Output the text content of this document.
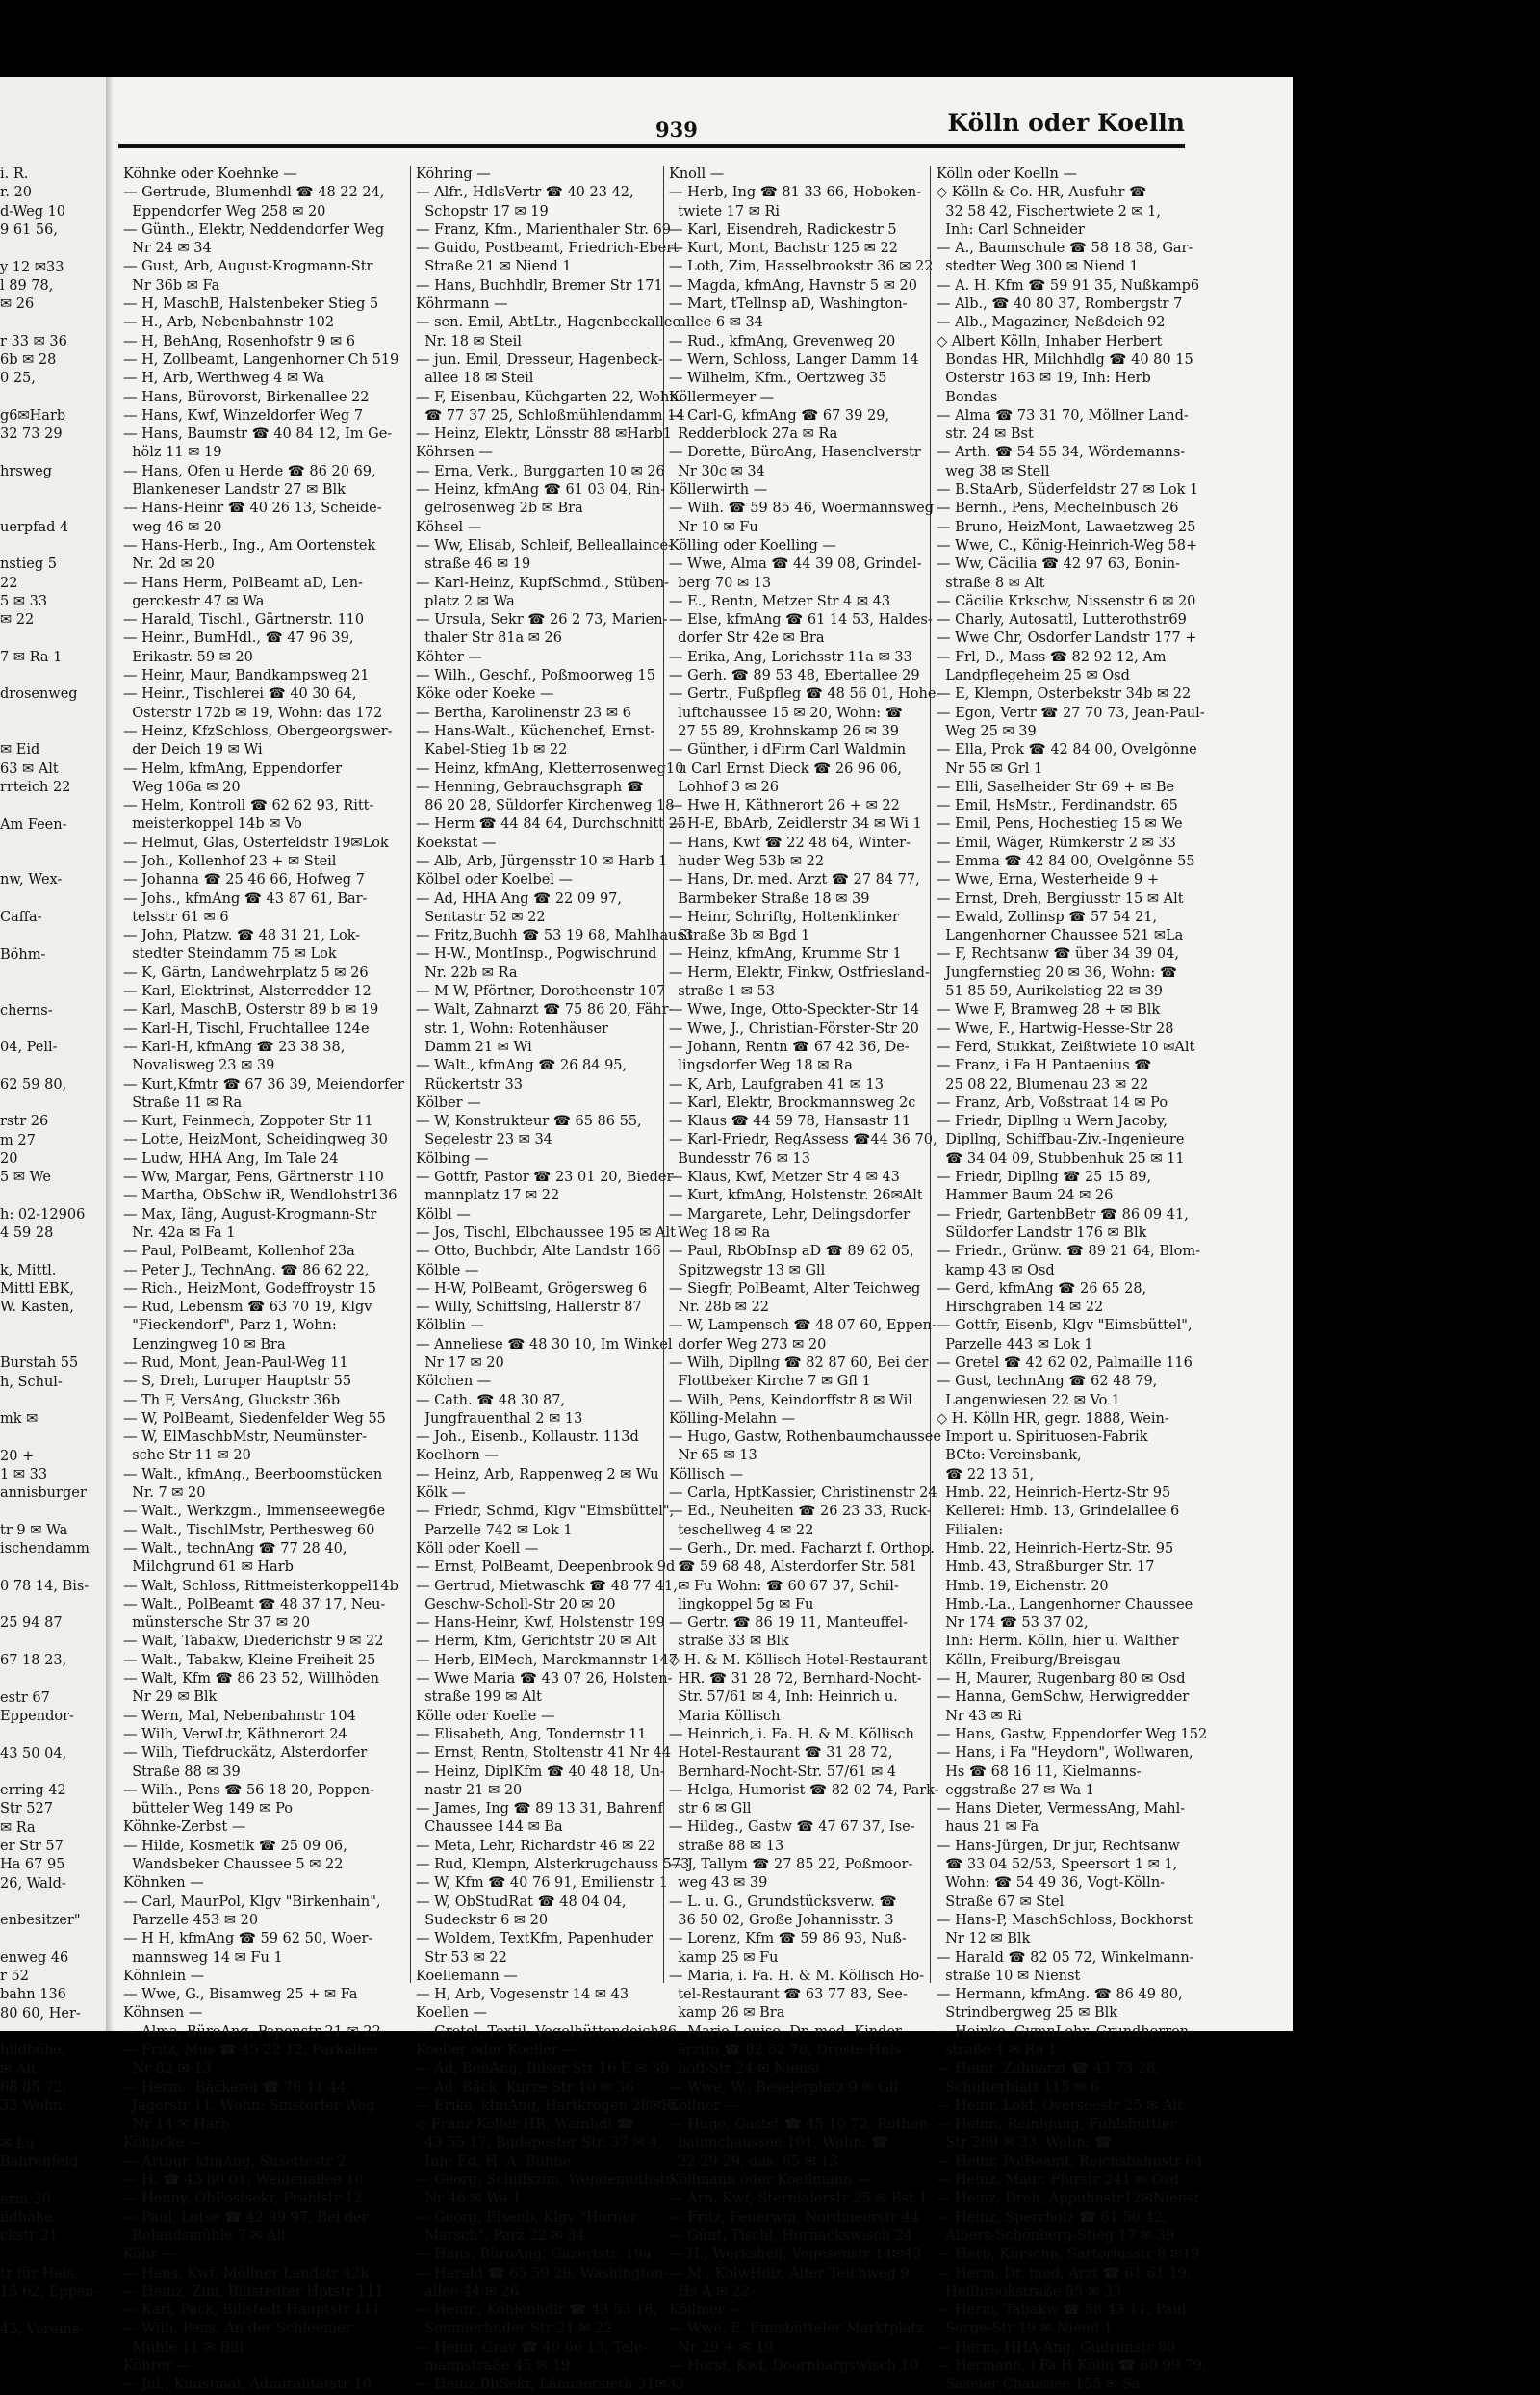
i. R.
r. 20
d-Weg 10
9 61 56,
y 12 ✉33
l 89 78,
✉ 26
r 33 ✉ 36
6b ✉ 28
0 25,
g6✉Harb
32 73 29
hrsweg
uerpfad 4
nstieg 5
22
5 ✉ 33
✉ 22
7 ✉ Ra 1
drosenweg
✉ Eid
63 ✉ Alt
rrteich 22
Am Feen-
nw, Wex-
Caffa-
Böhm-
cherns-
04, Pell-
62 59 80,
rstr 26
m 27
20
5 ✉ We
h: 02-12906
4 59 28
k, Mittl.
Mittl EBK,
W. Kasten,
Burstah 55
h, Schul-
mk ✉
20 +
1 ✉ 33
annisburger
tr 9 ✉ Wa
ischendamm
0 78 14, Bis-
25 94 87
67 18 23,
estr 67
Eppendor-
43 50 04,
erring 42
Str 527
✉ Ra
er Str 57
Ha 67 95
26, Wald-
enbesitzer"
enweg 46
r 52
bahn 136
80 60, Her-
hildhöhe,
✉ Alt
68 85 72,
33 Wohn:
✉ Lu
Bahrenfeld
erin 30
ildhöhe
ckstr 21
tr für Hals,
15 62, Eppen-
43, Vereins-
939	Kölln oder Koelln
Köhnke oder Koehnke —
— Gertrude, Blumenhdl ☎ 48 22 24,
Eppendorfer Weg 258 ✉ 20
— Günth., Elektr, Neddendorfer Weg
Nr 24 ✉ 34
— Gust, Arb, August-Krogmann-Str
Nr 36b ✉ Fa
— H, MaschB, Halstenbeker Stieg 5
— H., Arb, Nebenbahnstr 102
— H, BehAng, Rosenhofstr 9 ✉ 6
— H, Zollbeamt, Langenhorner Ch 519
— H, Arb, Werthweg 4 ✉ Wa
— Hans, Bürovorst, Birkenallee 22
— Hans, Kwf, Winzeldorfer Weg 7
— Hans, Baumstr ☎ 40 84 12, Im Ge-
hölz 11 ✉ 19
— Hans, Ofen u Herde ☎ 86 20 69,
Blankeneser Landstr 27 ✉ Blk
— Hans-Heinr ☎ 40 26 13, Scheide-
weg 46 ✉ 20
— Hans-Herb., Ing., Am Oortenstek
Nr. 2d ✉ 20
— Hans Herm, PolBeamt aD, Len-
gerckestr 47 ✉ Wa
— Harald, Tischl., Gärtnerstr. 110
— Heinr., BumHdl., ☎ 47 96 39,
Erikastr. 59 ✉ 20
— Heinr, Maur, Bandkampsweg 21
— Heinr., Tischlerei ☎ 40 30 64,
Osterstr 172b ✉ 19, Wohn: das 172
— Heinz, KfzSchloss, Obergeorgswer-
der Deich 19 ✉ Wi
— Helm, kfmAng, Eppendorfer
Weg 106a ✉ 20
— Helm, Kontroll ☎ 62 62 93, Ritt-
meisterkoppel 14b ✉ Vo
— Helmut, Glas, Osterfeldstr 19✉Lok
— Joh., Kollenhof 23 + ✉ Steil
— Johanna ☎ 25 46 66, Hofweg 7
— Johs., kfmAng ☎ 43 87 61, Bar-
telsstr 61 ✉ 6
— John, Platzw. ☎ 48 31 21, Lok-
stedter Steindamm 75 ✉ Lok
— K, Gärtn, Landwehrplatz 5 ✉ 26
— Karl, Elektrinst, Alsterredder 12
— Karl, MaschB, Osterstr 89 b ✉ 19
— Karl-H, Tischl, Fruchtallee 124e
— Karl-H, kfmAng ☎ 23 38 38,
Novalisweg 23 ✉ 39
— Kurt,Kfmtr ☎ 67 36 39, Meiendorfer
Straße 11 ✉ Ra
— Kurt, Feinmech, Zoppoter Str 11
— Lotte, HeizMont, Scheidingweg 30
— Ludw, HHA Ang, Im Tale 24
— Ww, Margar, Pens, Gärtnerstr 110
— Martha, ObSchw iR, Wendlohstr136
— Max, Iäng, August-Krogmann-Str
Nr. 42a ✉ Fa 1
— Paul, PolBeamt, Kollenhof 23a
— Peter J., TechnAng. ☎ 86 62 22,
— Rich., HeizMont, Godeffroystr 15
— Rud, Lebensm ☎ 63 70 19, Klgv
"Fieckendorf", Parz 1, Wohn:
Lenzingweg 10 ✉ Bra
— Rud, Mont, Jean-Paul-Weg 11
— S, Dreh, Luruper Hauptstr 55
— Th F, VersAng, Gluckstr 36b
— W, PolBeamt, Siedenfelder Weg 55
— W, ElMaschbMstr, Neumünster-
sche Str 11 ✉ 20
— Walt., kfmAng., Beerboomstücken
Nr. 7 ✉ 20
— Walt., Werkzgm., Immenseeweg6e
— Walt., TischlMstr, Perthesweg 60
— Walt., technAng ☎ 77 28 40,
Milchgrund 61 ✉ Harb
— Walt, Schloss, Rittmeisterkoppel14b
— Walt., PolBeamt ☎ 48 37 17, Neu-
münstersche Str 37 ✉ 20
— Walt, Tabakw, Diederichstr 9 ✉ 22
— Walt., Tabakw, Kleine Freiheit 25
— Walt, Kfm ☎ 86 23 52, Willhöden
Nr 29 ✉ Blk
— Wern, Mal, Nebenbahnstr 104
— Wilh, VerwLtr, Käthnerort 24
— Wilh, Tiefdruckätz, Alsterdorfer
Straße 88 ✉ 39
— Wilh., Pens ☎ 56 18 20, Poppen-
bütteler Weg 149 ✉ Po
Köhnke-Zerbst —
— Hilde, Kosmetik ☎ 25 09 06,
Wandsbeker Chaussee 5 ✉ 22
Köhnken —
— Carl, MaurPol, Klgv "Birkenhain",
Parzelle 453 ✉ 20
— H H, kfmAng ☎ 59 62 50, Woer-
mannsweg 14 ✉ Fu 1
Köhnlein —
— Wwe, G., Bisamweg 25 + ✉ Fa
Köhnsen —
— Alma, BüroAng, Papenstr 21 ✉ 22
— Fritz, Mus ☎ 45 22 12, Parkallee
Nr 82 ✉ 13
— Herm., Bäckerei ☎ 76 11 44,
Jägerstr 11, Wohn: Sinstorfer Weg
Nr 14 ✉ Harb
Köhpcke —
— Arthur, kfmAng, Susettestr 2
— H. ☎ 43 80 01, Weidenallee 10
— Henny, ObPostsekr, Prahlstr 12
— Paul, Lotse ☎ 42 99 97, Bei der
Rolandsmühle 7 ✉ Alt
Köhr —
— Hans, Kwf, Möllner Landstr 42k
— Heinz, Zim, Billstedter Hptstr 111
— Karl, Pack, Billstedt Hauptstr 111
— Wilh, Pens, An der Schleemer
Mühle 11 ✉ Bill
Köhrer —
— Jul., Kunstmal, Admiralitätstr 10
Köhring —
— Alfr., HdlsVertr ☎ 40 23 42,
Schopstr 17 ✉ 19
— Franz, Kfm., Marienthaler Str. 69
— Guido, Postbeamt, Friedrich-Ebert-
Straße 21 ✉ Niend 1
— Hans, Buchhdlr, Bremer Str 171
Köhrmann —
— sen. Emil, AbtLtr., Hagenbeckallee
Nr. 18 ✉ Steil
— jun. Emil, Dresseur, Hagenbeck-
allee 18 ✉ Steil
— F, Eisenbau, Küchgarten 22, Wohn:
☎ 77 37 25, Schloßmühlendamm 14
— Heinz, Elektr, Lönsstr 88 ✉Harb1
Köhrsen —
— Erna, Verk., Burggarten 10 ✉ 26
— Heinz, kfmAng ☎ 61 03 04, Rin-
gelrosenweg 2b ✉ Bra
Köhsel —
— Ww, Elisab, Schleif, Belleallaince-
straße 46 ✉ 19
— Karl-Heinz, KupfSchmd., Stüben-
platz 2 ✉ Wa
— Ursula, Sekr ☎ 26 2 73, Marien-
thaler Str 81a ✉ 26
Köhter —
— Wilh., Geschf., Poßmoorweg 15
Köke oder Koeke —
— Bertha, Karolinenstr 23 ✉ 6
— Hans-Walt., Küchenchef, Ernst-
Kabel-Stieg 1b ✉ 22
— Heinz, kfmAng, Kletterrosenweg10
— Henning, Gebrauchsgraph ☎
86 20 28, Süldorfer Kirchenweg 18
— Herm ☎ 44 84 64, Durchschnitt 25
Koekstat —
— Alb, Arb, Jürgensstr 10 ✉ Harb 1
Kölbel oder Koelbel —
— Ad, HHA Ang ☎ 22 09 97,
Sentastr 52 ✉ 22
— Fritz,Buchh ☎ 53 19 68, Mahlhaus3
— H-W., MontInsp., Pogwischrund
Nr. 22b ✉ Ra
— M W, Pförtner, Dorotheenstr 107
— Walt, Zahnarzt ☎ 75 86 20, Fähr-
str. 1, Wohn: Rotenhäuser
Damm 21 ✉ Wi
— Walt., kfmAng ☎ 26 84 95,
Rückertstr 33
Kölber —
— W, Konstrukteur ☎ 65 86 55,
Segelestr 23 ✉ 34
Kölbing —
— Gottfr, Pastor ☎ 23 01 20, Bieder-
mannplatz 17 ✉ 22
Kölbl —
— Jos, Tischl, Elbchaussee 195 ✉ Alt
— Otto, Buchbdr, Alte Landstr 166
Kölble —
— H-W, PolBeamt, Grögersweg 6
— Willy, Schiffslng, Hallerstr 87
Kölblin —
— Anneliese ☎ 48 30 10, Im Winkel
Nr 17 ✉ 20
Kölchen —
— Cath. ☎ 48 30 87,
Jungfrauenthal 2 ✉ 13
— Joh., Eisenb., Kollaustr. 113d
Koelhorn —
— Heinz, Arb, Rappenweg 2 ✉ Wu
Kölk —
— Friedr, Schmd, Klgv "Eimsbüttel",
Parzelle 742 ✉ Lok 1
Köll oder Koell —
— Ernst, PolBeamt, Deepenbrook 9d
— Gertrud, Mietwaschk ☎ 48 77 41,
Geschw-Scholl-Str 20 ✉ 20
— Hans-Heinr, Kwf, Holstenstr 199
— Herm, Kfm, Gerichtstr 20 ✉ Alt
— Herb, ElMech, Marckmannstr 147
— Wwe Maria ☎ 43 07 26, Holsten-
straße 199 ✉ Alt
Kölle oder Koelle —
— Elisabeth, Ang, Tondernstr 11
— Ernst, Rentn, Stoltenstr 41 Nr 44
— Heinz, DiplKfm ☎ 40 48 18, Un-
nastr 21 ✉ 20
— James, Ing ☎ 89 13 31, Bahrenf
Chaussee 144 ✉ Ba
— Meta, Lehr, Richardstr 46 ✉ 22
— Rud, Klempn, Alsterkrugchauss 573
— W, Kfm ☎ 40 76 91, Emilienstr 1
— W, ObStudRat ☎ 48 04 04,
Sudeckstr 6 ✉ 20
— Woldem, TextKfm, Papenhuder
Str 53 ✉ 22
Koellemann —
— H, Arb, Vogesenstr 14 ✉ 43
Koellen —
— Gretel, Textil, Vogelhüttendeich86
Koeller oder Koeller —
— Ad, BehAng, Bilser Str 16 E ✉ 39
— Ad, Bäck, Kurze Str 10 ✉ 36
— Erika, kfmAng, Hartkrögen 28✉Ri
◇ Franz Köller HR, Weinhdl ☎
43 55 17, Budapester Str. 37 ✉ 4,
Inh: Ed. H. A. Buhbe
— Georg, Schiffszim, Wendemuthstr
Nr 46 ✉ Wa 1
— Georg, Eisenb, Klgv "Horner
Marsch", Parz 22 ✉ 34
— Hans, BüroAng, Gazertstr. 19a
— Harald ☎ 65 59 29, Washington-
allee 44 ✉ 26
— Heinr., Kohlenhdlr ☎ 43 53 18,
Sommerhuder Str 21 ✉ 22
— Heinr, Grav ☎ 40 66 13, Tele-
mannstraße 45 ✉ 19
— Heinz,BbSekr, Lämmersieth 31✉33
Knoll —
— Herb, Ing ☎ 81 33 66, Hoboken-
twiete 17 ✉ Ri
— Karl, Eisendreh, Radickestr 5
— Kurt, Mont, Bachstr 125 ✉ 22
— Loth, Zim, Hasselbrookstr 36 ✉ 22
— Magda, kfmAng, Havnstr 5 ✉ 20
— Mart, tTellnsp aD, Washington-
allee 6 ✉ 34
— Rud., kfmAng, Grevenweg 20
— Wern, Schloss, Langer Damm 14
— Wilhelm, Kfm., Oertzweg 35
Köllermeyer —
— Carl-G, kfmAng ☎ 67 39 29,
Redderblock 27a ✉ Ra
— Dorette, BüroAng, Hasenclverstr
Nr 30c ✉ 34
Köllerwirth —
— Wilh. ☎ 59 85 46, Woermannsweg
Nr 10 ✉ Fu
Kölling oder Koelling —
— Wwe, Alma ☎ 44 39 08, Grindel-
berg 70 ✉ 13
— E., Rentn, Metzer Str 4 ✉ 43
— Else, kfmAng ☎ 61 14 53, Haldes-
dorfer Str 42e ✉ Bra
— Erika, Ang, Lorichsstr 11a ✉ 33
— Gerh. ☎ 89 53 48, Ebertallee 29
— Gertr., Fußpfleg ☎ 48 56 01, Hohe-
luftchaussee 15 ✉ 20, Wohn: ☎
27 55 89, Krohnskamp 26 ✉ 39
— Günther, i dFirm Carl Waldmin
u Carl Ernst Dieck ☎ 26 96 06,
Lohhof 3 ✉ 26
— Hwe H, Käthnerort 26 + ✉ 22
— H-E, BbArb, Zeidlerstr 34 ✉ Wi 1
— Hans, Kwf ☎ 22 48 64, Winter-
huder Weg 53b ✉ 22
— Hans, Dr. med. Arzt ☎ 27 84 77,
Barmbeker Straße 18 ✉ 39
— Heinr, Schriftg, Holtenklinker
Straße 3b ✉ Bgd 1
— Heinz, kfmAng, Krumme Str 1
— Herm, Elektr, Finkw, Ostfriesland-
straße 1 ✉ 53
— Wwe, Inge, Otto-Speckter-Str 14
— Wwe, J., Christian-Förster-Str 20
— Johann, Rentn ☎ 67 42 36, De-
lingsdorfer Weg 18 ✉ Ra
— K, Arb, Laufgraben 41 ✉ 13
— Karl, Elektr, Brockmannsweg 2c
— Klaus ☎ 44 59 78, Hansastr 11
— Karl-Friedr, RegAssess ☎44 36 70,
Bundesstr 76 ✉ 13
— Klaus, Kwf, Metzer Str 4 ✉ 43
— Kurt, kfmAng, Holstenstr. 26✉Alt
— Margarete, Lehr, Delingsdorfer
Weg 18 ✉ Ra
— Paul, RbObInsp aD ☎ 89 62 05,
Spitzwegstr 13 ✉ Gll
— Siegfr, PolBeamt, Alter Teichweg
Nr. 28b ✉ 22
— W, Lampensch ☎ 48 07 60, Eppen-
dorfer Weg 273 ✉ 20
— Wilh, Dipllng ☎ 82 87 60, Bei der
Flottbeker Kirche 7 ✉ Gfl 1
— Wilh, Pens, Keindorffstr 8 ✉ Wil
Kölling-Melahn —
— Hugo, Gastw, Rothenbaumchaussee
Nr 65 ✉ 13
Köllisch —
— Carla, HptKassier, Christinenstr 24
— Ed., Neuheiten ☎ 26 23 33, Ruck-
teschellweg 4 ✉ 22
— Gerh., Dr. med. Facharzt f. Orthop.
☎ 59 68 48, Alsterdorfer Str. 581
✉ Fu Wohn: ☎ 60 67 37, Schil-
lingkoppel 5g ✉ Fu
— Gertr. ☎ 86 19 11, Manteuffel-
straße 33 ✉ Blk
◇ H. & M. Köllisch Hotel-Restaurant
HR. ☎ 31 28 72, Bernhard-Nocht-
Str. 57/61 ✉ 4, Inh: Heinrich u.
Maria Köllisch
— Heinrich, i. Fa. H. & M. Köllisch
Hotel-Restaurant ☎ 31 28 72,
Bernhard-Nocht-Str. 57/61 ✉ 4
— Helga, Humorist ☎ 82 02 74, Park-
str 6 ✉ Gll
— Hildeg., Gastw ☎ 47 67 37, Ise-
straße 88 ✉ 13
— J, Tallym ☎ 27 85 22, Poßmoor-
weg 43 ✉ 39
— L. u. G., Grundstücksverw. ☎
36 50 02, Große Johannisstr. 3
— Lorenz, Kfm ☎ 59 86 93, Nuß-
kamp 25 ✉ Fu
— Maria, i. Fa. H. & M. Köllisch Ho-
tel-Restaurant ☎ 63 77 83, See-
kamp 26 ✉ Bra
— Marie-Louise, Dr. med. Kinder-
ärztin ☎ 82 82 78, Droste-Hüls-
hoff-Str 24 ✉ Nienst
— Wwe, W., Beselerplatz 9 ✉ Gfl
Köllner —
— Hugo, Gastst ☎ 45 10 72, Rothen-
baumchaussee 101, Wohn: ☎
22 29 29, das. 65 ✉ 13
Köllmann oder Koellmann —
— Arn, Kwf, Sternlalerstr 25 ✉ Bst 1
— Fritz, Feuerwm, Nordmeerstr 44
— Günt, Tischl, Hornackswisch 24
— H., Werkshelf, Vogesenstr 14✉43
— M., KolwHdlr, Alter Teichweg 9
Hs A ✉ 22
Köllmer —
— Wwe, E, Eimsbütteler Marktplatz
Nr 29 + ✉ 19
— Horst, Kwf, Doornbargswisch 10
Kölln oder Koelln —
◇ Kölln & Co. HR, Ausfuhr ☎
32 58 42, Fischertwiete 2 ✉ 1,
Inh: Carl Schneider
— A., Baumschule ☎ 58 18 38, Gar-
stedter Weg 300 ✉ Niend 1
— A. H. Kfm ☎ 59 91 35, Nußkamp6
— Alb., ☎ 40 80 37, Rombergstr 7
— Alb., Magaziner, Neßdeich 92
◇ Albert Kölln, Inhaber Herbert
Bondas HR, Milchhdlg ☎ 40 80 15
Osterstr 163 ✉ 19, Inh: Herb
Bondas
— Alma ☎ 73 31 70, Möllner Land-
str. 24 ✉ Bst
— Arth. ☎ 54 55 34, Wördemanns-
weg 38 ✉ Stell
— B.StaArb, Süderfeldstr 27 ✉ Lok 1
— Bernh., Pens, Mechelnbusch 26
— Bruno, HeizMont, Lawaetzweg 25
— Wwe, C., König-Heinrich-Weg 58+
— Ww, Cäcilia ☎ 42 97 63, Bonin-
straße 8 ✉ Alt
— Cäcilie Krkschw, Nissenstr 6 ✉ 20
— Charly, Autosattl, Lutterothstr69
— Wwe Chr, Osdorfer Landstr 177 +
— Frl, D., Mass ☎ 82 92 12, Am
Landpflegeheim 25 ✉ Osd
— E, Klempn, Osterbekstr 34b ✉ 22
— Egon, Vertr ☎ 27 70 73, Jean-Paul-
Weg 25 ✉ 39
— Ella, Prok ☎ 42 84 00, Ovelgönne
Nr 55 ✉ Grl 1
— Elli, Saselheider Str 69 + ✉ Be
— Emil, HsMstr., Ferdinandstr. 65
— Emil, Pens, Hochestieg 15 ✉ We
— Emil, Wäger, Rümkerstr 2 ✉ 33
— Emma ☎ 42 84 00, Ovelgönne 55
— Wwe, Erna, Westerheide 9 +
— Ernst, Dreh, Bergiusstr 15 ✉ Alt
— Ewald, Zollinsp ☎ 57 54 21,
Langenhorner Chaussee 521 ✉La
— F, Rechtsanw ☎ über 34 39 04,
Jungfernstieg 20 ✉ 36, Wohn: ☎
51 85 59, Aurikelstieg 22 ✉ 39
— Wwe F, Bramweg 28 + ✉ Blk
— Wwe, F., Hartwig-Hesse-Str 28
— Ferd, Stukkat, Zeißtwiete 10 ✉Alt
— Franz, i Fa H Pantaenius ☎
25 08 22, Blumenau 23 ✉ 22
— Franz, Arb, Voßstraat 14 ✉ Po
— Friedr, Dipllng u Wern Jacoby,
Dipllng, Schiffbau-Ziv.-Ingenieure
☎ 34 04 09, Stubbenhuk 25 ✉ 11
— Friedr, Dipllng ☎ 25 15 89,
Hammer Baum 24 ✉ 26
— Friedr, GartenbBetr ☎ 86 09 41,
Süldorfer Landstr 176 ✉ Blk
— Friedr., Grünw. ☎ 89 21 64, Blom-
kamp 43 ✉ Osd
— Gerd, kfmAng ☎ 26 65 28,
Hirschgraben 14 ✉ 22
— Gottfr, Eisenb, Klgv "Eimsbüttel",
Parzelle 443 ✉ Lok 1
— Gretel ☎ 42 62 02, Palmaille 116
— Gust, technAng ☎ 62 48 79,
Langenwiesen 22 ✉ Vo 1
◇ H. Kölln HR, gegr. 1888, Wein-
Import u. Spirituosen-Fabrik
BCto: Vereinsbank,
☎ 22 13 51,
Hmb. 22, Heinrich-Hertz-Str 95
Kellerei: Hmb. 13, Grindelallee 6
Filialen:
Hmb. 22, Heinrich-Hertz-Str. 95
Hmb. 43, Straßburger Str. 17
Hmb. 19, Eichenstr. 20
Hmb.-La., Langenhorner Chaussee
Nr 174 ☎ 53 37 02,
Inh: Herm. Kölln, hier u. Walther
Kölln, Freiburg/Breisgau
— H, Maurer, Rugenbarg 80 ✉ Osd
— Hanna, GemSchw, Herwigredder
Nr 43 ✉ Ri
— Hans, Gastw, Eppendorfer Weg 152
— Hans, i Fa "Heydorn", Wollwaren,
Hs ☎ 68 16 11, Kielmanns-
eggstraße 27 ✉ Wa 1
— Hans Dieter, VermessAng, Mahl-
haus 21 ✉ Fa
— Hans-Jürgen, Dr jur, Rechtsanw
☎ 33 04 52/53, Speersort 1 ✉ 1,
Wohn: ☎ 54 49 36, Vogt-Kölln-
Straße 67 ✉ Stel
— Hans-P, MaschSchloss, Bockhorst
Nr 12 ✉ Blk
— Harald ☎ 82 05 72, Winkelmann-
straße 10 ✉ Nienst
— Hermann, kfmAng. ☎ 86 49 80,
Strindbergweg 25 ✉ Blk
— Heinke, GymnLehr, Grundherren-
straße 4 ✉ Ra 1
— Heinr, Zahnarzt ☎ 43 73 28,
Schulterblatt 115 ✉ 6
— Heinr, Lokf, Overseestr 25 ✉ Alt
— Heinr., Reinigung, Fuhlsbüttler
Str 269 ✉ 33, Wohn: ☎
— Heinr, PolBeamt, Reichsbahnstr 64
— Heinz, Maur, Flurstr 241 ✉ Osd
— Heinz, Dreh, Appuhnstr12✉Nienst
— Heinz, Sperrholz ☎ 61 50 42,
Albers-Schönberg-Stieg 17 ✉ 39
— Herb, Kürschn, Sartoriusstr 8 ✉19
— Herm, Dr. med, Arzt ☎ 61 61 19,
Hellbrookstraße 55 ✉ 33
— Herm, Tabakw ☎ 58 43 11, Paul-
Sorge-Str 19 ✉ Niend 1
— Herm, HHA-Ang, Gudrunstr 80
— Hermann, i Fa H Kölln ☎ 60 99 79,
Saseler Chaussee 155 ✉ Sa
